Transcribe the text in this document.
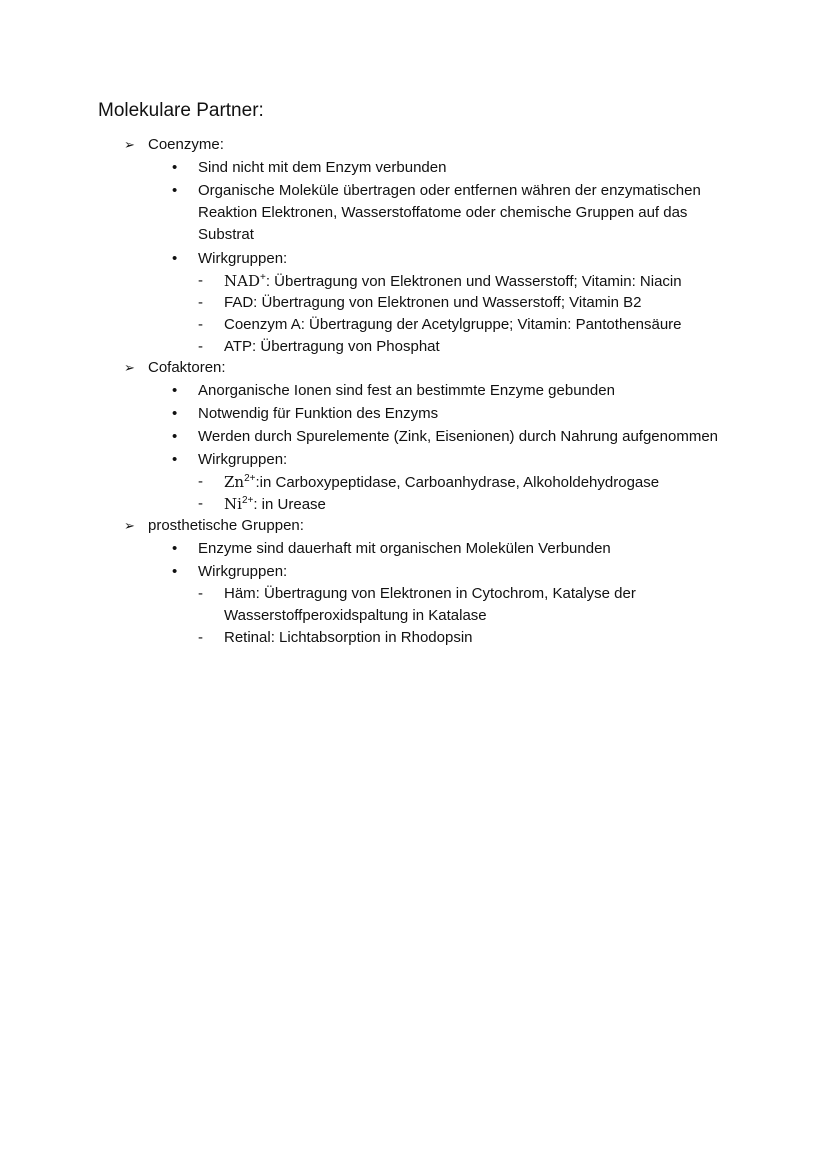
Molekulare Partner:
➢ Coenzyme:
•	Sind nicht mit dem Enzym verbunden
•	Organische Moleküle übertragen oder entfernen währen der enzymatischen Reaktion Elektronen, Wasserstoffatome oder chemische Gruppen auf das Substrat
•	Wirkgruppen:
-	NAD+: Übertragung von Elektronen und Wasserstoff; Vitamin: Niacin
-	FAD: Übertragung von Elektronen und Wasserstoff; Vitamin B2
-	Coenzym A: Übertragung der Acetylgruppe; Vitamin: Pantothensäure
-	ATP: Übertragung von Phosphat
➢ Cofaktoren:
•	Anorganische Ionen sind fest an bestimmte Enzyme gebunden
•	Notwendig für Funktion des Enzyms
•	Werden durch Spurelemente (Zink, Eisenionen) durch Nahrung aufgenommen
•	Wirkgruppen:
-	$Zn^{2+}:in$ Carboxypeptidase, Carboanhydrase, Alkoholdehydrogase
-	$Ni^{2+}$: in Urease
➢ prosthetische Gruppen:
•	Enzyme sind dauerhaft mit organischen Molekülen Verbunden
•	Wirkgruppen:
-	Häm: Übertragung von Elektronen in Cytochrom, Katalyse der Wasserstoffperoxidspaltung in Katalase
-	Retinal: Lichtabsorption in Rhodopsin
